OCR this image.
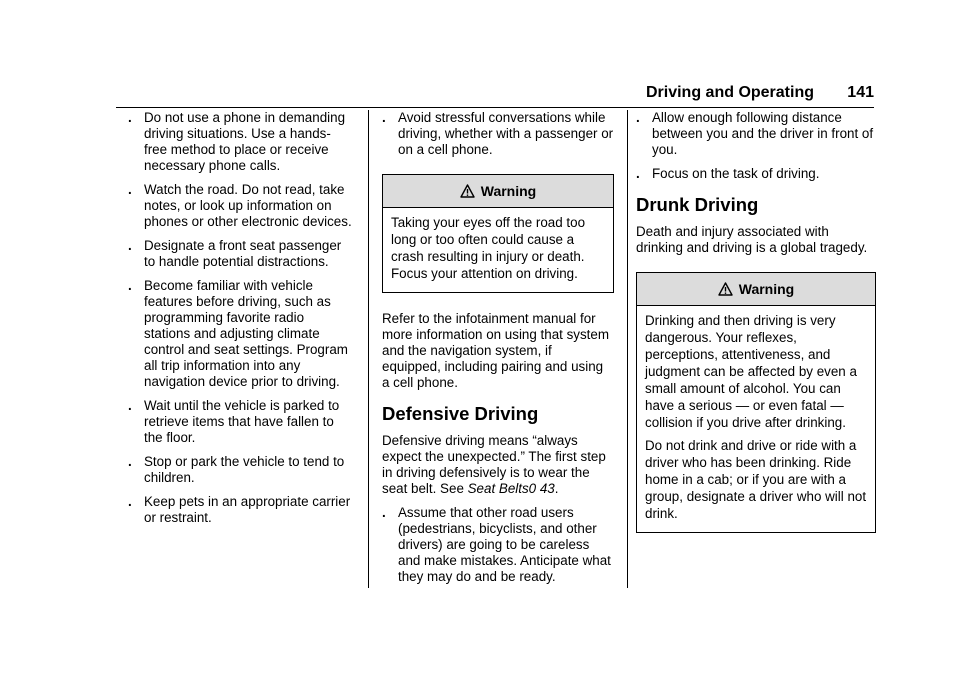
Driving and Operating 141
. Do not use a phone in demanding driving situations. Use a hands-free method to place or receive necessary phone calls.
. Watch the road. Do not read, take notes, or look up information on phones or other electronic devices.
. Designate a front seat passenger to handle potential distractions.
. Become familiar with vehicle features before driving, such as programming favorite radio stations and adjusting climate control and seat settings. Program all trip information into any navigation device prior to driving.
. Wait until the vehicle is parked to retrieve items that have fallen to the floor.
. Stop or park the vehicle to tend to children.
. Keep pets in an appropriate carrier or restraint.
. Avoid stressful conversations while driving, whether with a passenger or on a cell phone.
Warning

Taking your eyes off the road too long or too often could cause a crash resulting in injury or death. Focus your attention on driving.

Refer to the infotainment manual for more information on using that system and the navigation system, if equipped, including pairing and using a cell phone.

Defensive Driving

Defensive driving means “always expect the unexpected.” The first step in driving defensively is to wear the seat belt. See Seat Belts0 43.

. Assume that other road users (pedestrians, bicyclists, and other drivers) are going to be careless and make mistakes. Anticipate what they may do and be ready.
. Allow enough following distance between you and the driver in front of you.
. Focus on the task of driving.
Drunk Driving

Death and injury associated with drinking and driving is a global tragedy.

Warning

Drinking and then driving is very dangerous. Your reflexes, perceptions, attentiveness, and judgment can be affected by even a small amount of alcohol. You can have a serious — or even fatal — collision if you drive after drinking.

Do not drink and drive or ride with a driver who has been drinking. Ride home in a cab; or if you are with a group, designate a driver who will not drink.
